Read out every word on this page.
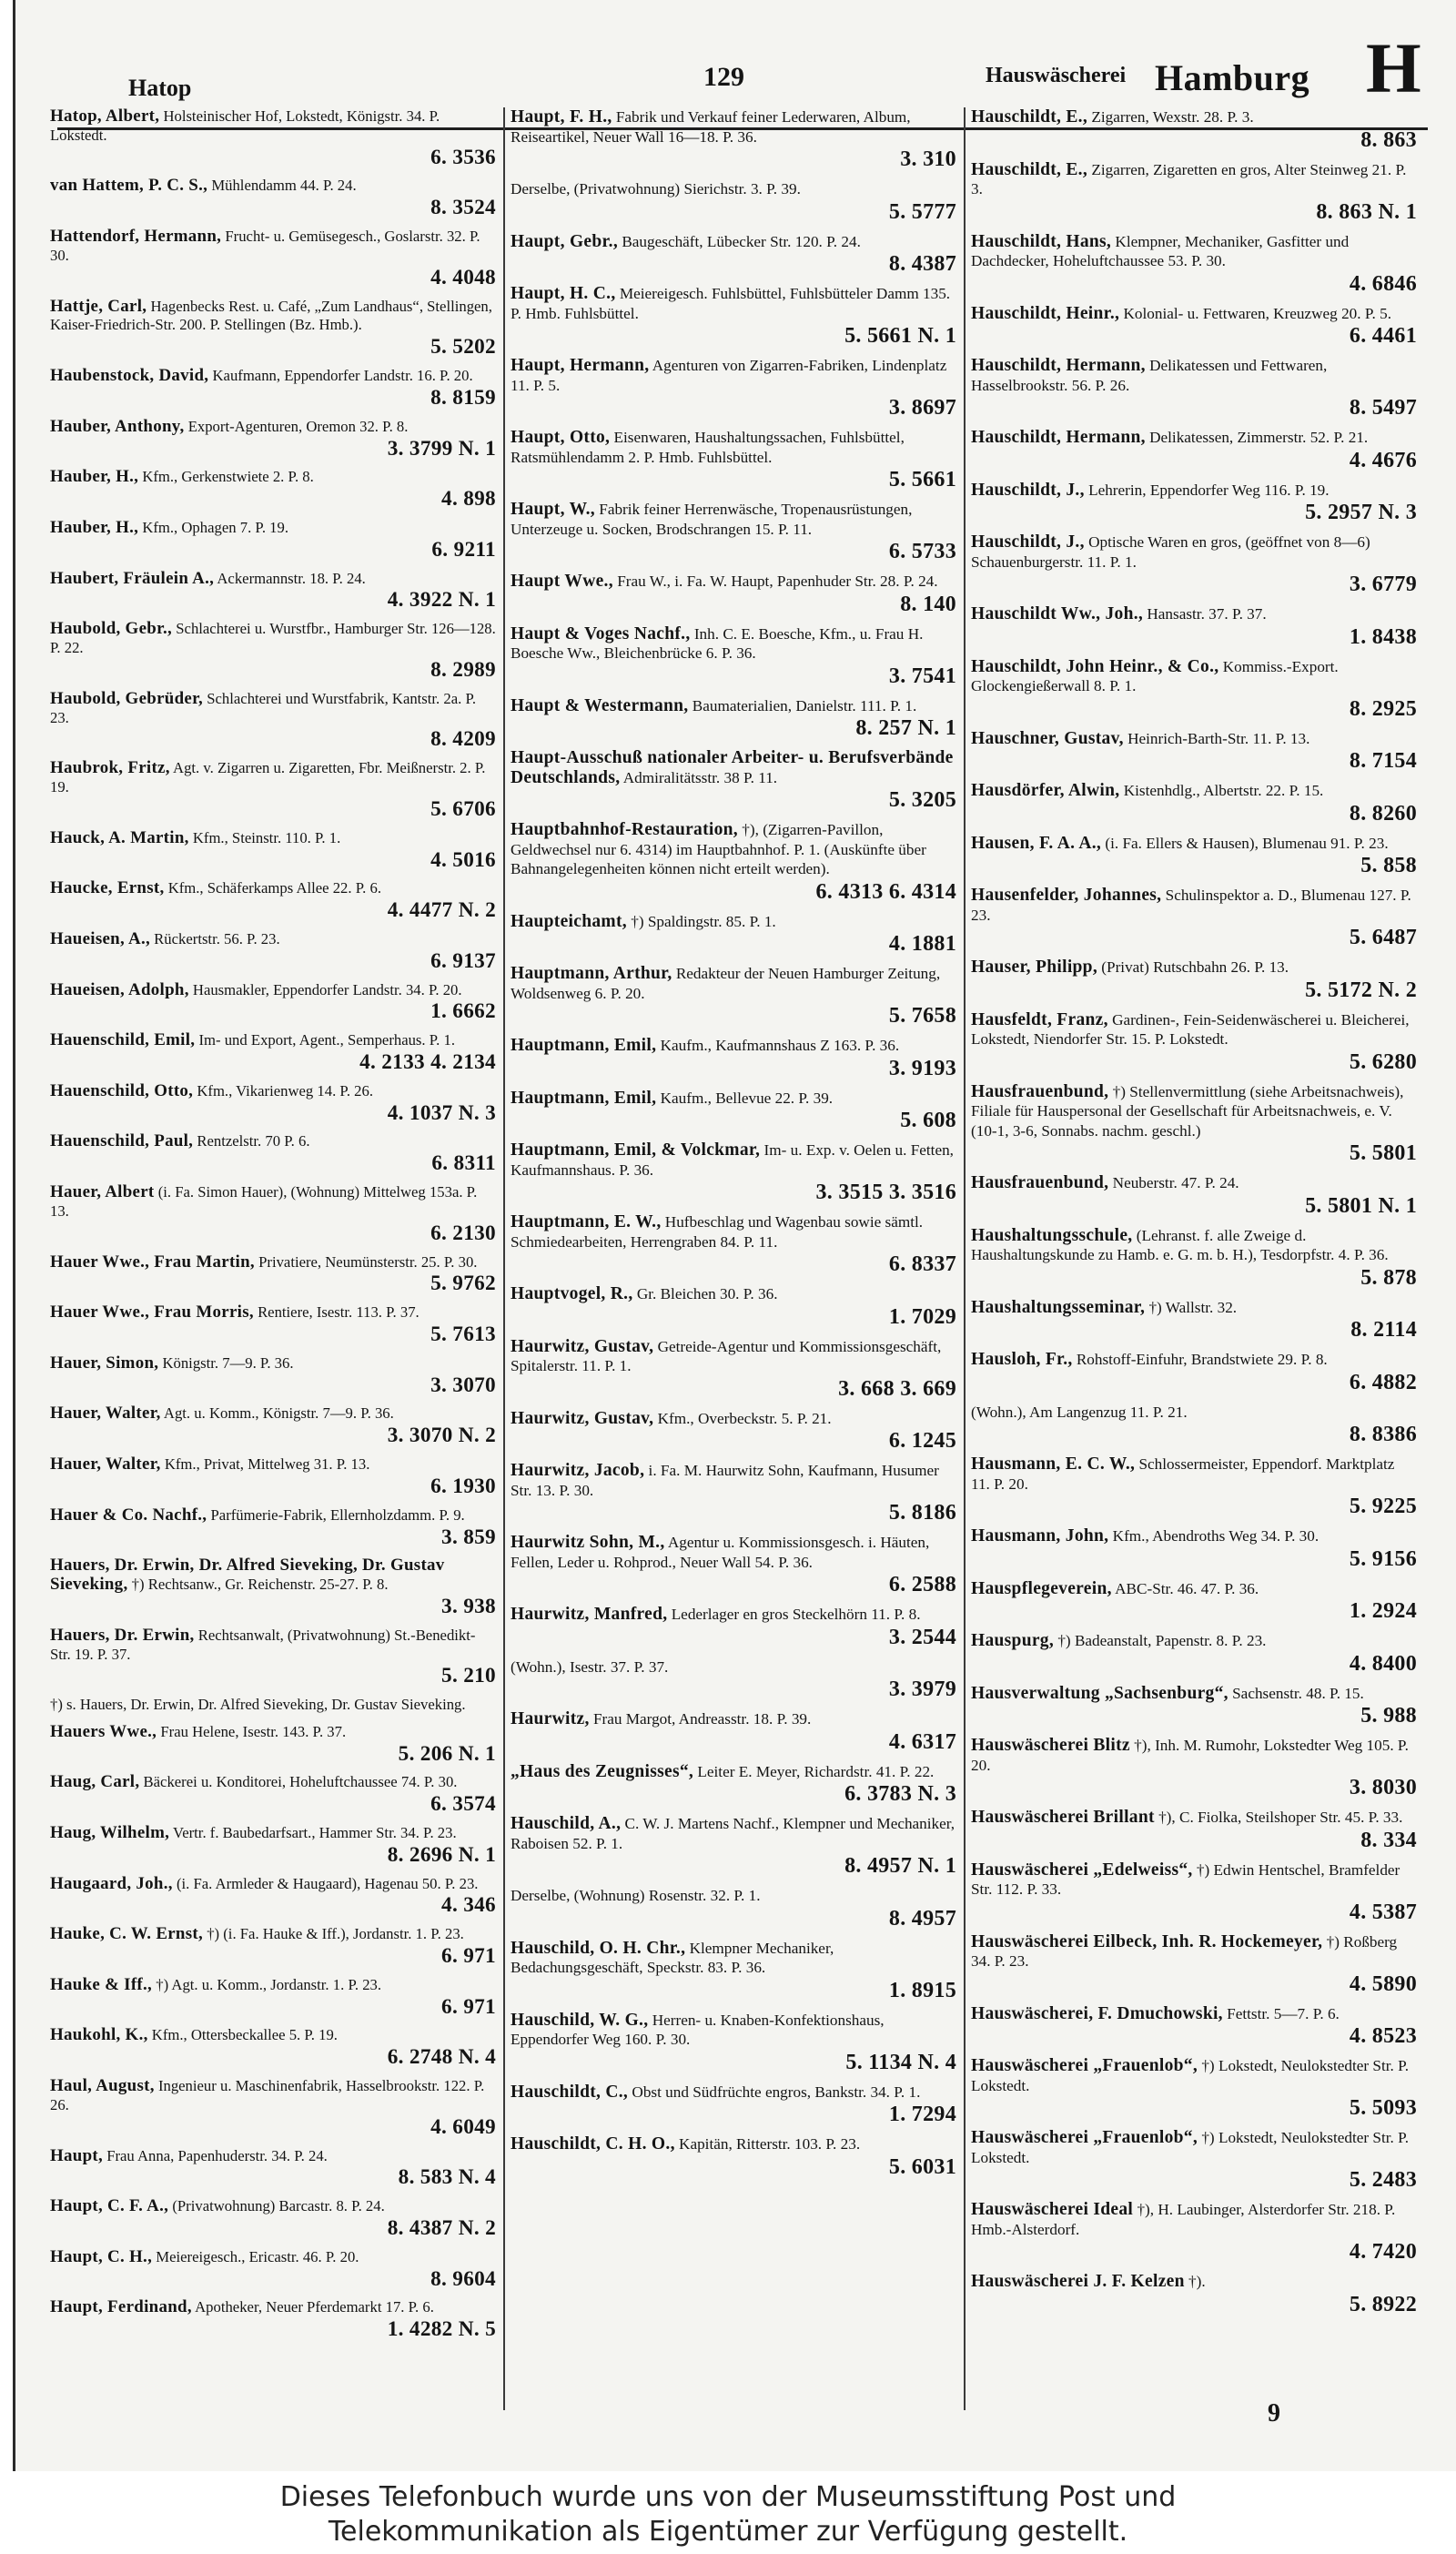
Hatop	129	Hauswäscherei Hamburg H
Hatop, Albert, Holsteinischer Hof, Lokstedt, Königstr. 34. P. Lokstedt.
6. 3536
van Hattem, P. C. S., Mühlendamm 44. P. 24.
8. 3524
Hattendorf, Hermann, Frucht- u. Gemüsegesch., Goslarstr. 32. P. 30.
4. 4048
Hattje, Carl, Hagenbecks Rest. u. Café, „Zum Landhaus“, Stellingen, Kaiser-Friedrich-Str. 200. P. Stellingen (Bz. Hmb.).
5. 5202
Haubenstock, David, Kaufmann, Eppendorfer Landstr. 16. P. 20.
8. 8159
Hauber, Anthony, Export-Agenturen, Oremon 32. P. 8.
3. 3799 N. 1
Hauber, H., Kfm., Gerkenstwiete 2. P. 8.
4. 898
Hauber, H., Kfm., Ophagen 7. P. 19.
6. 9211
Haubert, Fräulein A., Ackermannstr. 18. P. 24.
4. 3922 N. 1
Haubold, Gebr., Schlachterei u. Wurstfbr., Hamburger Str. 126—128. P. 22.
8. 2989
Haubold, Gebrüder, Schlachterei und Wurstfabrik, Kantstr. 2a. P. 23.
8. 4209
Haubrok, Fritz, Agt. v. Zigarren u. Zigaretten, Fbr. Meißnerstr. 2. P. 19.
5. 6706
Hauck, A. Martin, Kfm., Steinstr. 110. P. 1.
4. 5016
Haucke, Ernst, Kfm., Schäferkamps Allee 22. P. 6.
4. 4477 N. 2
Haueisen, A., Rückertstr. 56. P. 23.
6. 9137
Haueisen, Adolph, Hausmakler, Eppendorfer Landstr. 34. P. 20.
1. 6662
Hauenschild, Emil, Im- und Export, Agent., Semperhaus. P. 1.
4. 2133 4. 2134
Hauenschild, Otto, Kfm., Vikarienweg 14. P. 26.
4. 1037 N. 3
Hauenschild, Paul, Rentzelstr. 70 P. 6.
6. 8311
Hauer, Albert (i. Fa. Simon Hauer), (Wohnung) Mittelweg 153a. P. 13.
6. 2130
Hauer Wwe., Frau Martin, Privatiere, Neumünsterstr. 25. P. 30.
5. 9762
Hauer Wwe., Frau Morris, Rentiere, Isestr. 113. P. 37.
5. 7613
Hauer, Simon, Königstr. 7—9. P. 36.
3. 3070
Hauer, Walter, Agt. u. Komm., Königstr. 7—9. P. 36.
3. 3070 N. 2
Hauer, Walter, Kfm., Privat, Mittelweg 31. P. 13.
6. 1930
Hauer & Co. Nachf., Parfümerie-Fabrik, Ellernholzdamm. P. 9.
3. 859
Hauers, Dr. Erwin, Dr. Alfred Sieveking, Dr. Gustav Sieveking, †) Rechtsanw., Gr. Reichenstr. 25-27. P. 8.
3. 938
Hauers, Dr. Erwin, Rechtsanwalt, (Privatwohnung) St.-Benedikt-Str. 19. P. 37.
5. 210
†) s. Hauers, Dr. Erwin, Dr. Alfred Sieveking, Dr. Gustav Sieveking.
Hauers Wwe., Frau Helene, Isestr. 143. P. 37.
5. 206 N. 1
Haug, Carl, Bäckerei u. Konditorei, Hoheluftchaussee 74. P. 30.
6. 3574
Haug, Wilhelm, Vertr. f. Baubedarfsart., Hammer Str. 34. P. 23.
8. 2696 N. 1
Haugaard, Joh., (i. Fa. Armleder & Haugaard), Hagenau 50. P. 23.
4. 346
Hauke, C. W. Ernst, †) (i. Fa. Hauke & Iff.), Jordanstr. 1. P. 23.
6. 971
Hauke & Iff., †) Agt. u. Komm., Jordanstr. 1. P. 23.
6. 971
Haukohl, K., Kfm., Ottersbeckallee 5. P. 19.
6. 2748 N. 4
Haul, August, Ingenieur u. Maschinenfabrik, Hasselbrookstr. 122. P. 26.
4. 6049
Haupt, Frau Anna, Papenhuderstr. 34. P. 24.
8. 583 N. 4
Haupt, C. F. A., (Privatwohnung) Barcastr. 8. P. 24.
8. 4387 N. 2
Haupt, C. H., Meiereigesch., Ericastr. 46. P. 20.
8. 9604
Haupt, Ferdinand, Apotheker, Neuer Pferdemarkt 17. P. 6.
1. 4282 N. 5
Haupt, F. H., Fabrik und Verkauf feiner Lederwaren, Album, Reiseartikel, Neuer Wall 16—18. P. 36.
3. 310
Derselbe, (Privatwohnung) Sierichstr. 3. P. 39.
5. 5777
Haupt, Gebr., Baugeschäft, Lübecker Str. 120. P. 24.
8. 4387
Haupt, H. C., Meiereigesch. Fuhlsbüttel, Fuhlsbütteler Damm 135. P. Hmb. Fuhlsbüttel.
5. 5661 N. 1
Haupt, Hermann, Agenturen von Zigarren-Fabriken, Lindenplatz 11. P. 5.
3. 8697
Haupt, Otto, Eisenwaren, Haushaltungssachen, Fuhlsbüttel, Ratsmühlendamm 2. P. Hmb. Fuhlsbüttel.
5. 5661
Haupt, W., Fabrik feiner Herrenwäsche, Tropenausrüstungen, Unterzeuge u. Socken, Brodschrangen 15. P. 11.
6. 5733
Haupt Wwe., Frau W., i. Fa. W. Haupt, Papenhuder Str. 28. P. 24.
8. 140
Haupt & Voges Nachf., Inh. C. E. Boesche, Kfm., u. Frau H. Boesche Ww., Bleichenbrücke 6. P. 36.
3. 7541
Haupt & Westermann, Baumaterialien, Danielstr. 111. P. 1.
8. 257 N. 1
Haupt-Ausschuß nationaler Arbeiter- u. Berufsverbände Deutschlands, Admiralitätsstr. 38 P. 11.
5. 3205
Hauptbahnhof-Restauration, †), (Zigarren-Pavillon, Geldwechsel nur 6. 4314) im Hauptbahnhof. P. 1. (Auskünfte über Bahnangelegenheiten können nicht erteilt werden).
6. 4313 6. 4314
Haupteichamt, †) Spaldingstr. 85. P. 1.
4. 1881
Hauptmann, Arthur, Redakteur der Neuen Hamburger Zeitung, Woldsenweg 6. P. 20.
5. 7658
Hauptmann, Emil, Kaufm., Kaufmannshaus Z 163. P. 36.
3. 9193
Hauptmann, Emil, Kaufm., Bellevue 22. P. 39.
5. 608
Hauptmann, Emil, & Volckmar, Im- u. Exp. v. Oelen u. Fetten, Kaufmannshaus. P. 36.
3. 3515 3. 3516
Hauptmann, E. W., Hufbeschlag und Wagenbau sowie sämtl. Schmiedearbeiten, Herrengraben 84. P. 11.
6. 8337
Hauptvogel, R., Gr. Bleichen 30. P. 36.
1. 7029
Haurwitz, Gustav, Getreide-Agentur und Kommissionsgeschäft, Spitalerstr. 11. P. 1.
3. 668 3. 669
Haurwitz, Gustav, Kfm., Overbeckstr. 5. P. 21.
6. 1245
Haurwitz, Jacob, i. Fa. M. Haurwitz Sohn, Kaufmann, Husumer Str. 13. P. 30.
5. 8186
Haurwitz Sohn, M., Agentur u. Kommissionsgesch. i. Häuten, Fellen, Leder u. Rohprod., Neuer Wall 54. P. 36.
6. 2588
Haurwitz, Manfred, Lederlager en gros Steckelhörn 11. P. 8.
3. 2544
(Wohn.), Isestr. 37. P. 37.
3. 3979
Haurwitz, Frau Margot, Andreasstr. 18. P. 39.
4. 6317
„Haus des Zeugnisses“, Leiter E. Meyer, Richardstr. 41. P. 22.
6. 3783 N. 3
Hauschild, A., C. W. J. Martens Nachf., Klempner und Mechaniker, Raboisen 52. P. 1.
8. 4957 N. 1
Derselbe, (Wohnung) Rosenstr. 32. P. 1.
8. 4957
Hauschild, O. H. Chr., Klempner Mechaniker, Bedachungsgeschäft, Speckstr. 83. P. 36.
1. 8915
Hauschild, W. G., Herren- u. Knaben-Konfektionshaus, Eppendorfer Weg 160. P. 30.
5. 1134 N. 4
Hauschildt, C., Obst und Südfrüchte engros, Bankstr. 34. P. 1.
1. 7294
Hauschildt, C. H. O., Kapitän, Ritterstr. 103. P. 23.
5. 6031
Hauschildt, E., Zigarren, Wexstr. 28. P. 3.
8. 863
Hauschildt, E., Zigarren, Zigaretten en gros, Alter Steinweg 21. P. 3.
8. 863 N. 1
Hauschildt, Hans, Klempner, Mechaniker, Gasfitter und Dachdecker, Hoheluftchaussee 53. P. 30.
4. 6846
Hauschildt, Heinr., Kolonial- u. Fettwaren, Kreuzweg 20. P. 5.
6. 4461
Hauschildt, Hermann, Delikatessen und Fettwaren, Hasselbrookstr. 56. P. 26.
8. 5497
Hauschildt, Hermann, Delikatessen, Zimmerstr. 52. P. 21.
4. 4676
Hauschildt, J., Lehrerin, Eppendorfer Weg 116. P. 19.
5. 2957 N. 3
Hauschildt, J., Optische Waren en gros, (geöffnet von 8—6) Schauenburgerstr. 11. P. 1.
3. 6779
Hauschildt Ww., Joh., Hansastr. 37. P. 37.
1. 8438
Hauschildt, John Heinr., & Co., Kommiss.-Export. Glockengießerwall 8. P. 1.
8. 2925
Hauschner, Gustav, Heinrich-Barth-Str. 11. P. 13.
8. 7154
Hausdörfer, Alwin, Kistenhdlg., Albertstr. 22. P. 15.
8. 8260
Hausen, F. A. A., (i. Fa. Ellers & Hausen), Blumenau 91. P. 23.
5. 858
Hausenfelder, Johannes, Schulinspektor a. D., Blumenau 127. P. 23.
5. 6487
Hauser, Philipp, (Privat) Rutschbahn 26. P. 13.
5. 5172 N. 2
Hausfeldt, Franz, Gardinen-, Fein-Seidenwäscherei u. Bleicherei, Lokstedt, Niendorfer Str. 15. P. Lokstedt.
5. 6280
Hausfrauenbund, †) Stellenvermittlung (siehe Arbeitsnachweis), Filiale für Hauspersonal der Gesellschaft für Arbeitsnachweis, e. V. (10-1, 3-6, Sonnabs. nachm. geschl.)
5. 5801
Hausfrauenbund, Neuberstr. 47. P. 24.
5. 5801 N. 1
Haushaltungsschule, (Lehranst. f. alle Zweige d. Haushaltungskunde zu Hamb. e. G. m. b. H.), Tesdorpfstr. 4. P. 36.
5. 878
Haushaltungsseminar, †) Wallstr. 32.
8. 2114
Hausloh, Fr., Rohstoff-Einfuhr, Brandstwiete 29. P. 8.
6. 4882
(Wohn.), Am Langenzug 11. P. 21.
8. 8386
Hausmann, E. C. W., Schlossermeister, Eppendorf. Marktplatz 11. P. 20.
5. 9225
Hausmann, John, Kfm., Abendroths Weg 34. P. 30.
5. 9156
Hauspflegeverein, ABC-Str. 46. 47. P. 36.
1. 2924
Hauspurg, †) Badeanstalt, Papenstr. 8. P. 23.
4. 8400
Hausverwaltung „Sachsenburg“, Sachsenstr. 48. P. 15.
5. 988
Hauswäscherei Blitz †), Inh. M. Rumohr, Lokstedter Weg 105. P. 20.
3. 8030
Hauswäscherei Brillant †), C. Fiolka, Steilshoper Str. 45. P. 33.
8. 334
Hauswäscherei „Edelweiss“, †) Edwin Hentschel, Bramfelder Str. 112. P. 33.
4. 5387
Hauswäscherei Eilbeck, Inh. R. Hockemeyer, †) Roßberg 34. P. 23.
4. 5890
Hauswäscherei, F. Dmuchowski, Fettstr. 5—7. P. 6.
4. 8523
Hauswäscherei „Frauenlob“, †) Lokstedt, Neulokstedter Str. P. Lokstedt.
5. 5093
Hauswäscherei „Frauenlob“, †) Lokstedt, Neulokstedter Str. P. Lokstedt.
5. 2483
Hauswäscherei Ideal †), H. Laubinger, Alsterdorfer Str. 218. P. Hmb.-Alsterdorf.
4. 7420
Hauswäscherei J. F. Kelzen †).
5. 8922
9
Dieses Telefonbuch wurde uns von der Museumsstiftung Post und
Telekommunikation als Eigentümer zur Verfügung gestellt.
